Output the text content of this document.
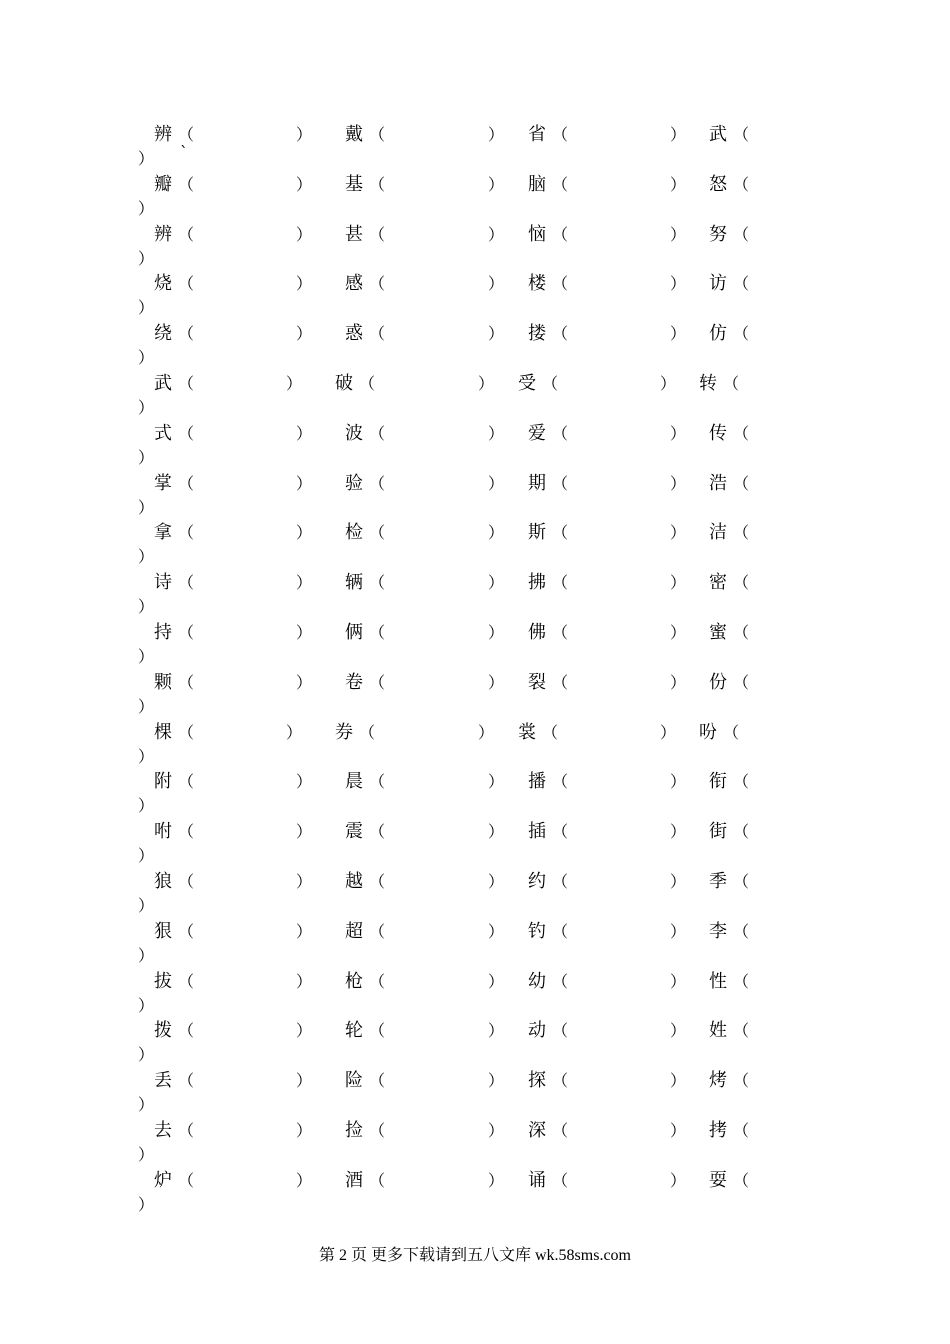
辨 （	） 戴 （	） 省 （	） 武 （
） `
瓣 （	） 基 （	） 脑 （	） 怒 （
）
辨 （	） 甚 （	） 恼 （	） 努 （
）
烧 （	） 感 （	） 楼 （	） 访 （
）
绕 （	） 惑 （	） 搂 （	） 仿 （
）
武 （	） 破 （	） 受 （	） 转 （
）
式 （	） 波 （	） 爱 （	） 传 （
）
掌 （	） 验 （	） 期 （	） 浩 （
）
拿 （	） 检 （	） 斯 （	） 洁 （
）
诗 （	） 辆 （	） 拂 （	） 密 （
）
持 （	） 俩 （	） 佛 （	） 蜜 （
）
颗 （	） 卷 （	） 裂 （	） 份 （
）
棵 （	） 券 （	） 裳 （	） 吩 （
）
附 （	） 晨 （	） 播 （	） 衔 （
）
咐 （	） 震 （	） 插 （	） 街 （
）
狼 （	） 越 （	） 约 （	） 季 （
）
狠 （	） 超 （	） 钓 （	） 李 （
）
拔 （	） 枪 （	） 幼 （	） 性 （
）
拨 （	） 轮 （	） 动 （	） 姓 （
）
丢 （	） 险 （	） 探 （	） 烤 （
）
去 （	） 捡 （	） 深 （	） 拷 （
）
炉 （	） 酒 （	） 诵 （	） 耍 （
）
第 2 页 更多下载请到五八文库 wk.58sms.com
